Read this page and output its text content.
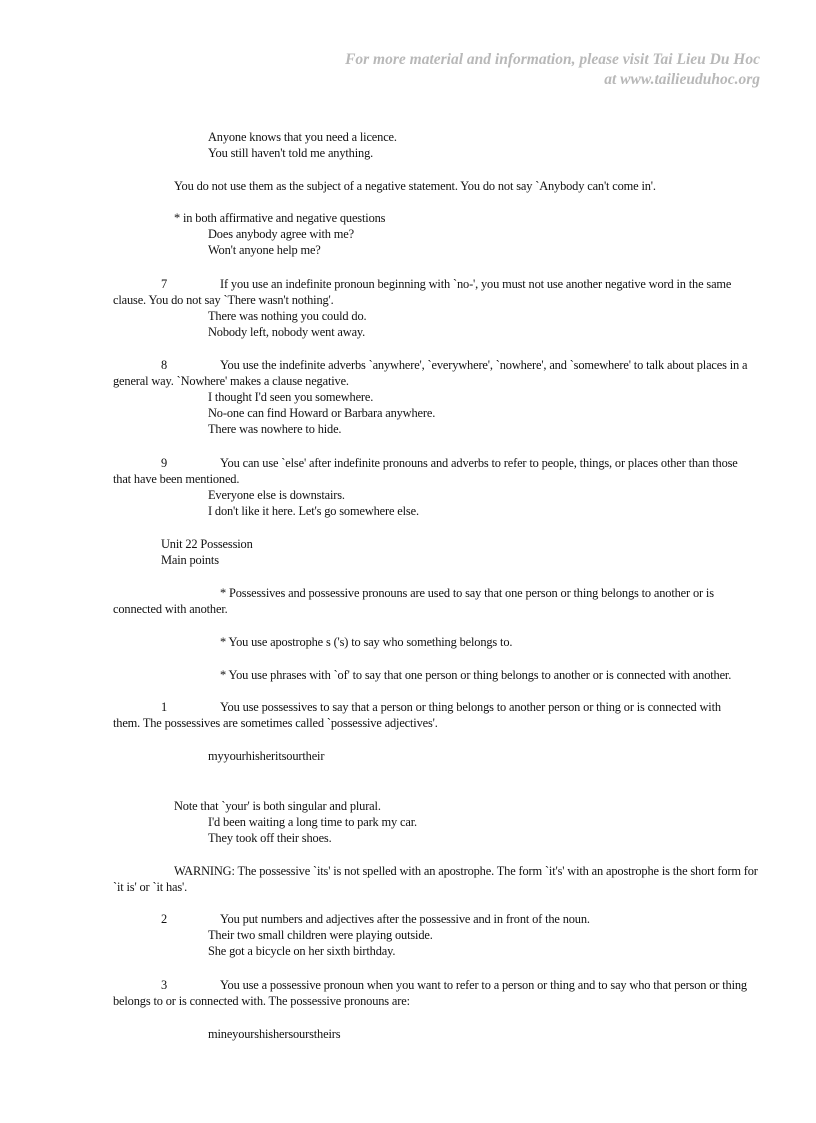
For more material and information, please visit Tai Lieu Du Hoc
at www.tailieuduhoc.org
Anyone knows that you need a licence.
You still haven't told me anything.
You do not use them as the subject of a negative statement. You do not say `Anybody can't come in'.
* in both affirmative and negative questions
Does anybody agree with me?
Won't anyone help me?
7	If you use an indefinite pronoun beginning with `no-', you must not use another negative word in the same
clause. You do not say `There wasn't nothing'.
There was nothing you could do.
Nobody left, nobody went away.
8	You use the indefinite adverbs `anywhere', `everywhere', `nowhere', and `somewhere' to talk about places in a
general way. `Nowhere' makes a clause negative.
I thought I'd seen you somewhere.
No-one can find Howard or Barbara anywhere.
There was nowhere to hide.
9	You can use `else' after indefinite pronouns and adverbs to refer to people, things, or places other than those
that have been mentioned.
Everyone else is downstairs.
I don't like it here. Let's go somewhere else.
Unit 22 Possession
Main points
* Possessives and possessive pronouns are used to say that one person or thing belongs to another or is
connected with another.
* You use apostrophe s ('s) to say who something belongs to.
* You use phrases with `of' to say that one person or thing belongs to another or is connected with another.
1	You use possessives to say that a person or thing belongs to another person or thing or is connected with
them. The possessives are sometimes called `possessive adjectives'.
myyourhisheritsourtheir
Note that `your' is both singular and plural.
I'd been waiting a long time to park my car.
They took off their shoes.
WARNING: The possessive `its' is not spelled with an apostrophe. The form `it's' with an apostrophe is the short form for
`it is' or `it has'.
2	You put numbers and adjectives after the possessive and in front of the noun.
Their two small children were playing outside.
She got a bicycle on her sixth birthday.
3	You use a possessive pronoun when you want to refer to a person or thing and to say who that person or thing
belongs to or is connected with. The possessive pronouns are:
mineyourshishersourstheirs
